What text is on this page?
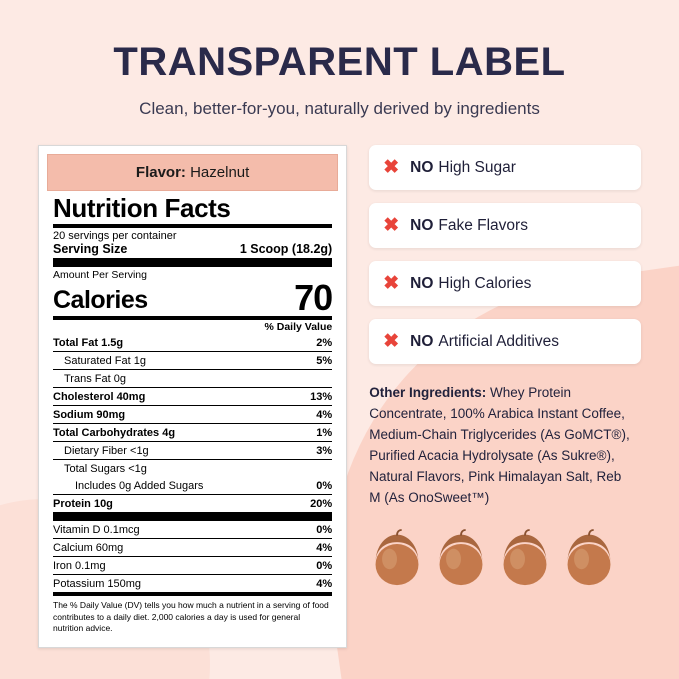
TRANSPARENT LABEL
Clean, better-for-you, naturally derived by ingredients
Flavor: Hazelnut
Nutrition Facts
20 servings per container
Serving Size	1 Scoop (18.2g)
Amount Per Serving
Calories	70
% Daily Value
Total Fat 1.5g	2%
Saturated Fat 1g	5%
Trans Fat 0g	
Cholesterol 40mg	13%
Sodium 90mg	4%
Total Carbohydrates 4g	1%
Dietary Fiber <1g	3%
Total Sugars <1g	
Includes 0g Added Sugars	0%
Protein 10g	20%
Vitamin D 0.1mcg	0%
Calcium 60mg	4%
Iron 0.1mg	0%
Potassium 150mg	4%
The % Daily Value (DV) tells you how much a nutrient in a serving of food contributes to a daily diet. 2,000 calories a day is used for general nutrition advice.
✖ NO High Sugar
✖ NO Fake Flavors
✖ NO High Calories
✖ NO Artificial Additives
Other Ingredients: Whey Protein Concentrate, 100% Arabica Instant Coffee, Medium-Chain Triglycerides (As GoMCT®), Purified Acacia Hydrolysate (As Sukre®), Natural Flavors, Pink Himalayan Salt, Reb M (As OnoSweet™)
